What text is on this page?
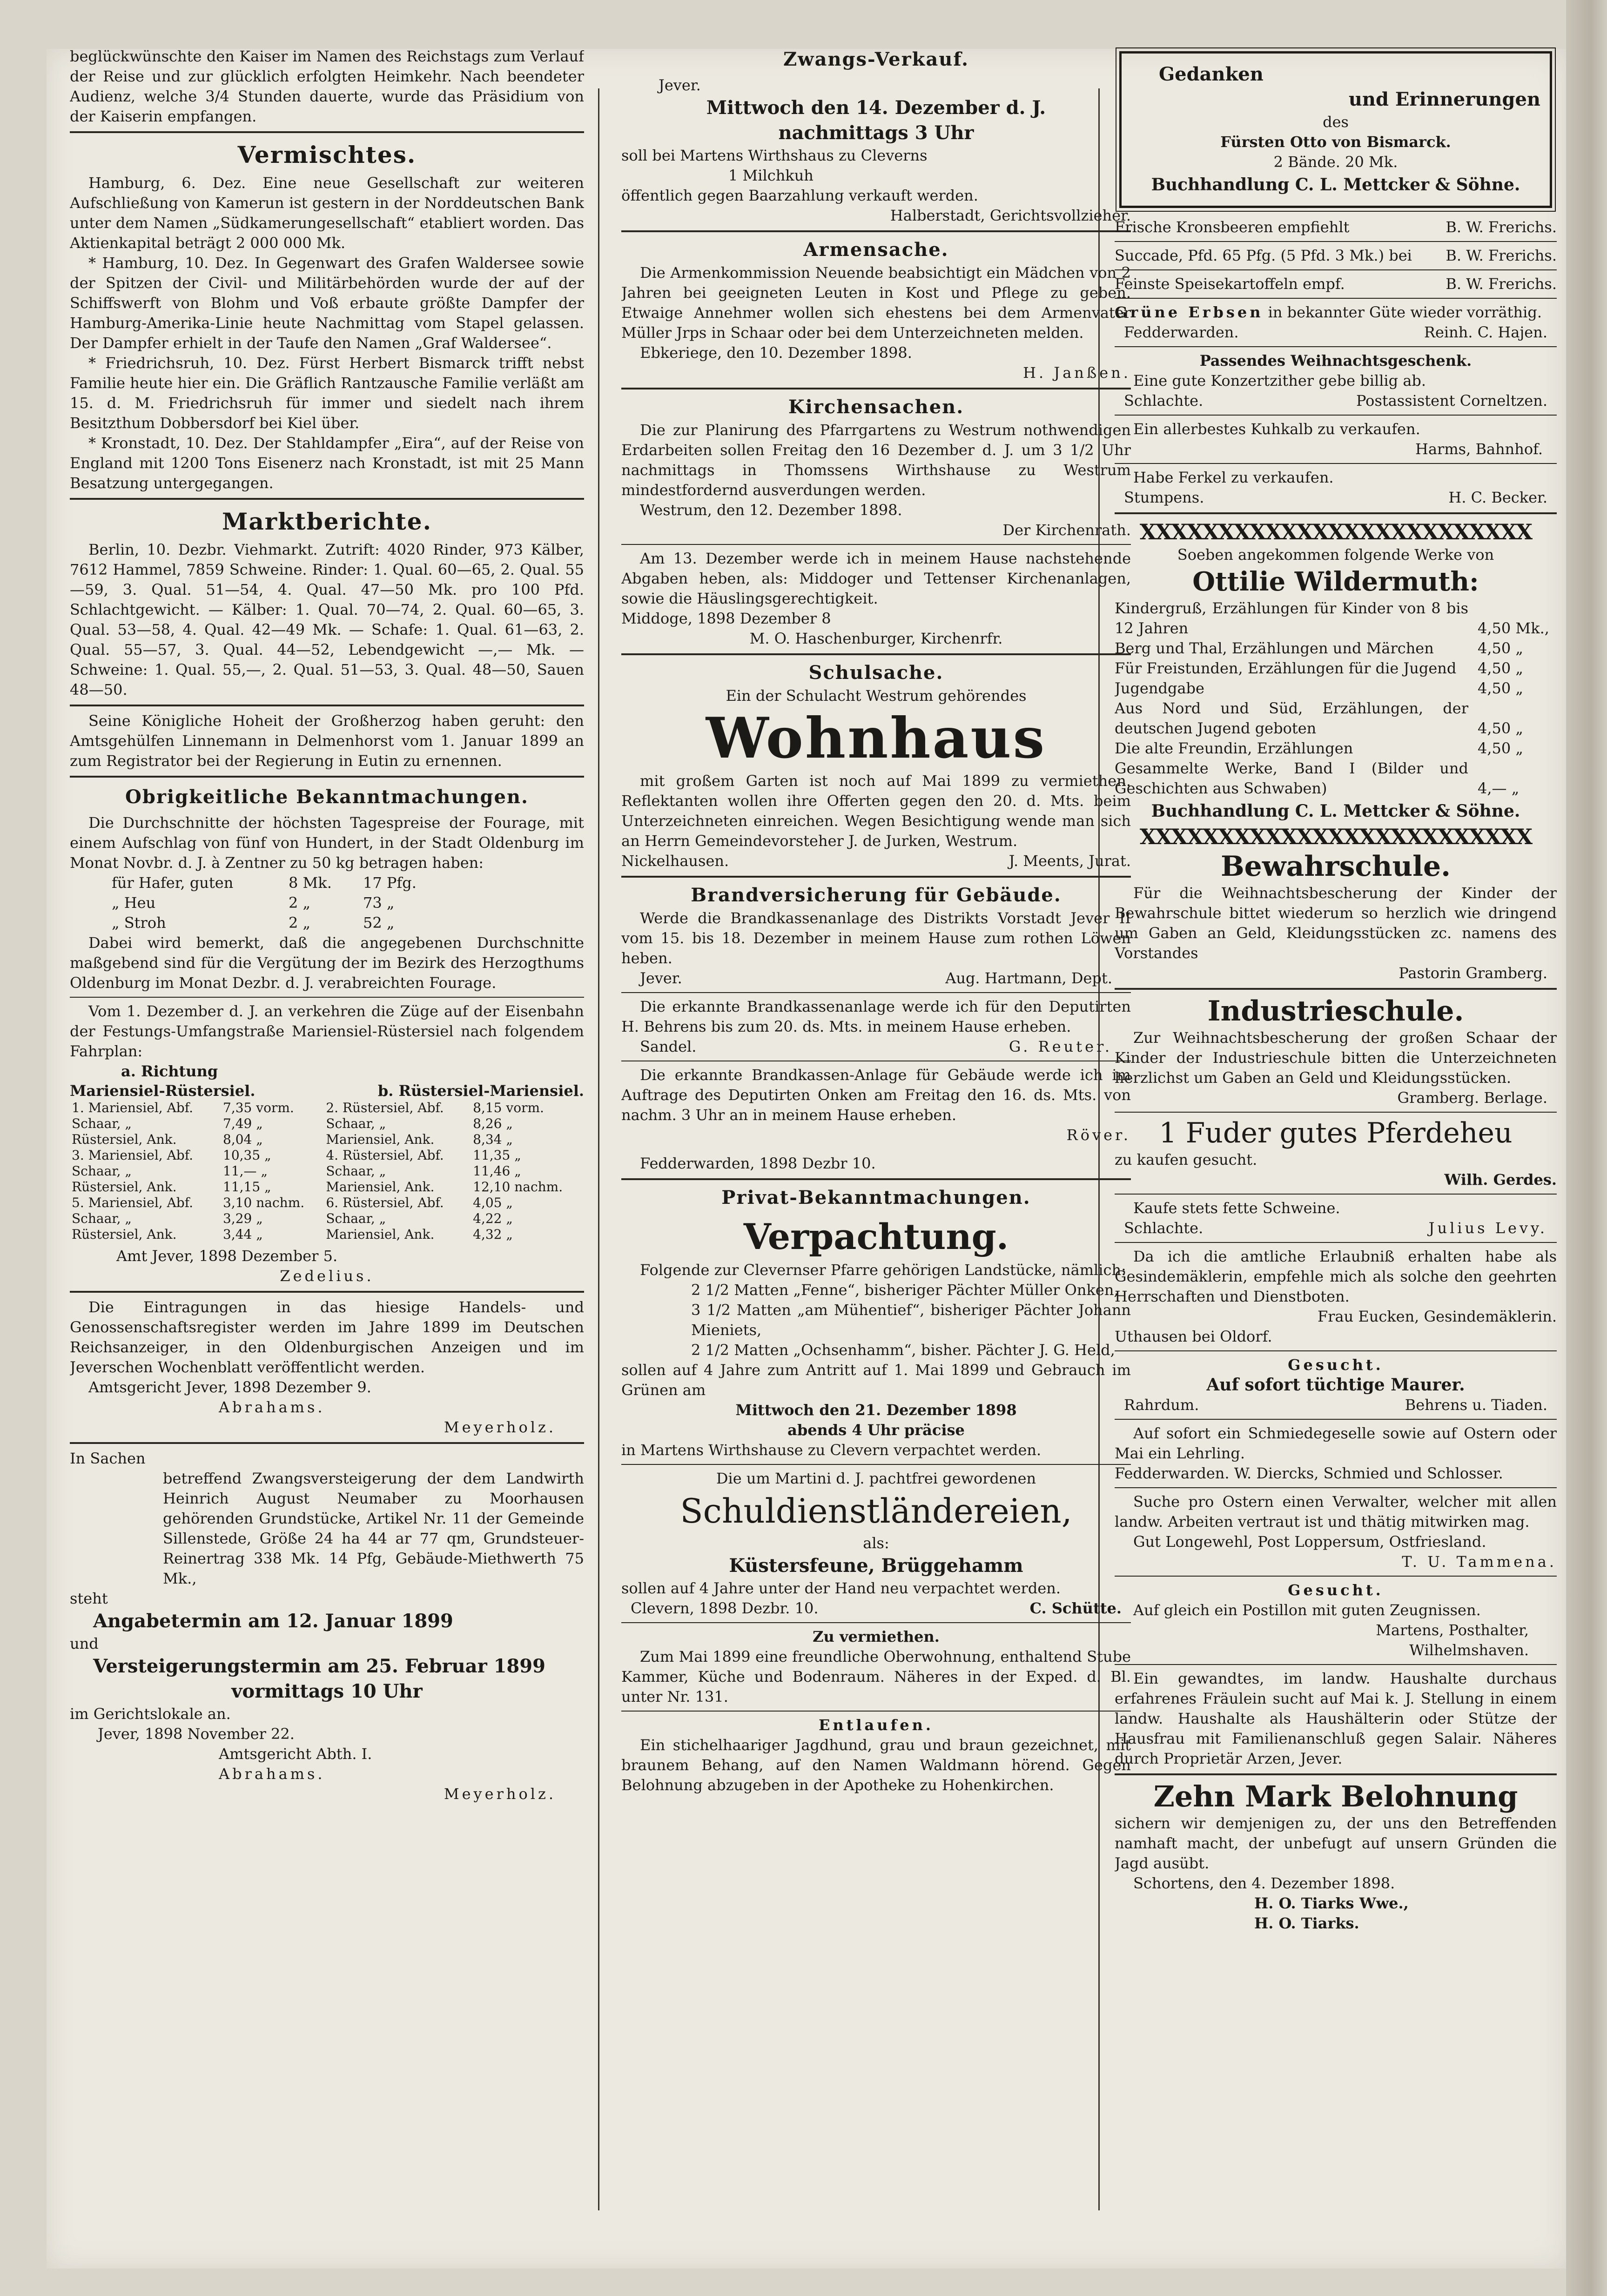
beglückwünschte den Kaiser im Namen des Reichstags zum Verlauf der Reise und zur glücklich erfolgten Heimkehr. Nach beendeter Audienz, welche 3/4 Stunden dauerte, wurde das Präsidium von der Kaiserin empfangen.

Vermischtes.

Hamburg, 6. Dez. Eine neue Gesellschaft zur weiteren Aufschließung von Kamerun ist gestern in der Norddeutschen Bank unter dem Namen „Südkamerungesellschaft“ etabliert worden. Das Aktienkapital beträgt 2 000 000 Mk.

* Hamburg, 10. Dez. In Gegenwart des Grafen Waldersee sowie der Spitzen der Civil- und Militärbehörden wurde der auf der Schiffswerft von Blohm und Voß erbaute größte Dampfer der Hamburg-Amerika-Linie heute Nachmittag vom Stapel gelassen. Der Dampfer erhielt in der Taufe den Namen „Graf Waldersee“.

* Friedrichsruh, 10. Dez. Fürst Herbert Bismarck trifft nebst Familie heute hier ein. Die Gräflich Rantzausche Familie verläßt am 15. d. M. Friedrichsruh für immer und siedelt nach ihrem Besitzthum Dobbersdorf bei Kiel über.

* Kronstadt, 10. Dez. Der Stahldampfer „Eira“, auf der Reise von England mit 1200 Tons Eisenerz nach Kronstadt, ist mit 25 Mann Besatzung untergegangen.

Marktberichte.

Berlin, 10. Dezbr. Viehmarkt. Zutrift: 4020 Rinder, 973 Kälber, 7612 Hammel, 7859 Schweine. Rinder: 1. Qual. 60—65, 2. Qual. 55—59, 3. Qual. 51—54, 4. Qual. 47—50 Mk. pro 100 Pfd. Schlachtgewicht. — Kälber: 1. Qual. 70—74, 2. Qual. 60—65, 3. Qual. 53—58, 4. Qual. 42—49 Mk. — Schafe: 1. Qual. 61—63, 2. Qual. 55—57, 3. Qual. 44—52, Lebendgewicht —,— Mk. — Schweine: 1. Qual. 55,—, 2. Qual. 51—53, 3. Qual. 48—50, Sauen 48—50.

Seine Königliche Hoheit der Großherzog haben geruht: den Amtsgehülfen Linnemann in Delmenhorst vom 1. Januar 1899 an zum Registrator bei der Regierung in Eutin zu ernennen.

Obrigkeitliche Bekanntmachungen.

Die Durchschnitte der höchsten Tagespreise der Fourage, mit einem Aufschlag von fünf von Hundert, in der Stadt Oldenburg im Monat Novbr. d. J. à Zentner zu 50 kg betragen haben:

für Hafer, guten	8 Mk.	17 Pfg.
„ Heu	2 „	73 „
„ Stroh	2 „	52 „

Dabei wird bemerkt, daß die angegebenen Durchschnitte maßgebend sind für die Vergütung der im Bezirk des Herzogthums Oldenburg im Monat Dezbr. d. J. verabreichten Fourage.

Vom 1. Dezember d. J. an verkehren die Züge auf der Eisenbahn der Festungs-Umfangstraße Mariensiel-Rüstersiel nach folgendem Fahrplan:

a. Richtung
Mariensiel-Rüstersiel.	b. Rüstersiel-Mariensiel.
1. Mariensiel, Abf.	7,35 vorm.	2. Rüstersiel, Abf.	8,15 vorm.
Schaar, „	7,49 „	Schaar, „	8,26 „
Rüstersiel, Ank.	8,04 „	Mariensiel, Ank.	8,34 „
3. Mariensiel, Abf.	10,35 „	4. Rüstersiel, Abf.	11,35 „
Schaar, „	11,— „	Schaar, „	11,46 „
Rüstersiel, Ank.	11,15 „	Mariensiel, Ank.	12,10 nachm.
5. Mariensiel, Abf.	3,10 nachm.	6. Rüstersiel, Abf.	4,05 „
Schaar, „	3,29 „	Schaar, „	4,22 „
Rüstersiel, Ank.	3,44 „	Mariensiel, Ank.	4,32 „

Amt Jever, 1898 Dezember 5.

Zedelius.

Die Eintragungen in das hiesige Handels- und Genossenschaftsregister werden im Jahre 1899 im Deutschen Reichsanzeiger, in den Oldenburgischen Anzeigen und im Jeverschen Wochenblatt veröffentlicht werden.

Amtsgericht Jever, 1898 Dezember 9.

Abrahams.

Meyerholz.

In Sachen

betreffend Zwangsversteigerung der dem Landwirth Heinrich August Neumaber zu Moorhausen gehörenden Grundstücke, Artikel Nr. 11 der Gemeinde Sillenstede, Größe 24 ha 44 ar 77 qm, Grundsteuer-Reinertrag 338 Mk. 14 Pfg, Gebäude-Miethwerth 75 Mk.,

steht

Angabetermin am 12. Januar 1899

und

Versteigerungstermin am 25. Februar 1899

vormittags 10 Uhr

im Gerichtslokale an.

Jever, 1898 November 22.

Amtsgericht Abth. I.

Abrahams.

Meyerholz.

Zwangs-Verkauf.

Jever.

Mittwoch den 14. Dezember d. J.

nachmittags 3 Uhr

soll bei Martens Wirthshaus zu Cleverns

1 Milchkuh

öffentlich gegen Baarzahlung verkauft werden.

Halberstadt, Gerichtsvollzieher.

Armensache.

Die Armenkommission Neuende beabsichtigt ein Mädchen von 2 Jahren bei geeigneten Leuten in Kost und Pflege zu geben. Etwaige Annehmer wollen sich ehestens bei dem Armenvater Müller Jrps in Schaar oder bei dem Unterzeichneten melden.

Ebkeriege, den 10. Dezember 1898.

H. Janßen.

Kirchensachen.

Die zur Planirung des Pfarrgartens zu Westrum nothwendigen Erdarbeiten sollen Freitag den 16 Dezember d. J. um 3 1/2 Uhr nachmittags in Thomssens Wirthshause zu Westrum mindestfordernd ausverdungen werden.

Westrum, den 12. Dezember 1898.

Der Kirchenrath.

Am 13. Dezember werde ich in meinem Hause nachstehende Abgaben heben, als: Middoger und Tettenser Kirchenanlagen, sowie die Häuslingsgerechtigkeit.

Middoge, 1898 Dezember 8

M. O. Haschenburger, Kirchenrfr.

Schulsache.

Ein der Schulacht Westrum gehörendes

Wohnhaus

mit großem Garten ist noch auf Mai 1899 zu vermiethen. Reflektanten wollen ihre Offerten gegen den 20. d. Mts. beim Unterzeichneten einreichen. Wegen Besichtigung wende man sich an Herrn Gemeindevorsteher J. de Jurken, Westrum.

Nickelhausen.	J. Meents, Jurat.
Brandversicherung für Gebäude.

Werde die Brandkassenanlage des Distrikts Vorstadt Jever II vom 15. bis 18. Dezember in meinem Hause zum rothen Löwen heben.

Jever.	Aug. Hartmann, Dept.

Die erkannte Brandkassenanlage werde ich für den Deputirten H. Behrens bis zum 20. ds. Mts. in meinem Hause erheben.

Sandel.	G. Reuter.

Die erkannte Brandkassen-Anlage für Gebäude werde ich im Auftrage des Deputirten Onken am Freitag den 16. ds. Mts. von nachm. 3 Uhr an in meinem Hause erheben.

Röver.

Fedderwarden, 1898 Dezbr 10.

Privat-Bekanntmachungen.
Verpachtung.

Folgende zur Clevernser Pfarre gehörigen Landstücke, nämlich:

2 1/2 Matten „Fenne“, bisheriger Pächter Müller Onken,

3 1/2 Matten „am Mühentief“, bisheriger Pächter Johann Mieniets,

2 1/2 Matten „Ochsenhamm“, bisher. Pächter J. G. Held,

sollen auf 4 Jahre zum Antritt auf 1. Mai 1899 und Gebrauch im Grünen am

Mittwoch den 21. Dezember 1898

abends 4 Uhr präcise

in Martens Wirthshause zu Clevern verpachtet werden.

Die um Martini d. J. pachtfrei gewordenen

Schuldienstländereien,

als:

Küstersfeune, Brüggehamm

sollen auf 4 Jahre unter der Hand neu verpachtet werden.

Clevern, 1898 Dezbr. 10.	C. Schütte.

Zu vermiethen.

Zum Mai 1899 eine freundliche Oberwohnung, enthaltend Stube Kammer, Küche und Bodenraum. Näheres in der Exped. d. Bl. unter Nr. 131.

Entlaufen.

Ein stichelhaariger Jagdhund, grau und braun gezeichnet, mit braunem Behang, auf den Namen Waldmann hörend. Gegen Belohnung abzugeben in der Apotheke zu Hohenkirchen.

Gedanken

und Erinnerungen

des

Fürsten Otto von Bismarck.

2 Bände. 20 Mk.

Buchhandlung C. L. Mettcker & Söhne.

Frische Kronsbeeren empfiehlt	B. W. Frerichs.
Succade, Pfd. 65 Pfg. (5 Pfd. 3 Mk.) bei B. W. Frerichs.
Feinste Speisekartoffeln empf.	B. W. Frerichs.

Grüne Erbsen in bekannter Güte wieder vorräthig.

Fedderwarden.	Reinh. C. Hajen.

Passendes Weihnachtsgeschenk.

Eine gute Konzertzither gebe billig ab.

Schlachte.	Postassistent Corneltzen.

Ein allerbestes Kuhkalb zu verkaufen.

Harms, Bahnhof.

Habe Ferkel zu verkaufen.

Stumpens.	H. C. Becker.
XXXXXXXXXXXXXXXXXXXXXXXXX

Soeben angekommen folgende Werke von

Ottilie Wildermuth:
Kindergruß, Erzählungen für Kinder von 8 bis 12 Jahren	4,50 Mk.,
Berg und Thal, Erzählungen und Märchen	4,50 „
Für Freistunden, Erzählungen für die Jugend	4,50 „
Jugendgabe	4,50 „
Aus Nord und Süd, Erzählungen, der deutschen Jugend geboten	4,50 „
Die alte Freundin, Erzählungen	4,50 „
Gesammelte Werke, Band I (Bilder und Geschichten aus Schwaben)	4,— „

Buchhandlung C. L. Mettcker & Söhne.

XXXXXXXXXXXXXXXXXXXXXXXXX
Bewahrschule.

Für die Weihnachtsbescherung der Kinder der Bewahrschule bittet wiederum so herzlich wie dringend um Gaben an Geld, Kleidungsstücken zc. namens des Vorstandes

Pastorin Gramberg.

Industrieschule.

Zur Weihnachtsbescherung der großen Schaar der Kinder der Industrieschule bitten die Unterzeichneten herzlichst um Gaben an Geld und Kleidungsstücken.

Gramberg. Berlage.

1 Fuder gutes Pferdeheu

zu kaufen gesucht.

Wilh. Gerdes.

Kaufe stets fette Schweine.

Schlachte.	Julius Levy.

Da ich die amtliche Erlaubniß erhalten habe als Gesindemäklerin, empfehle mich als solche den geehrten Herrschaften und Dienstboten.

Frau Eucken, Gesindemäklerin.

Uthausen bei Oldorf.

Gesucht.

Auf sofort tüchtige Maurer.

Rahrdum.	Behrens u. Tiaden.

Auf sofort ein Schmiedegeselle sowie auf Ostern oder Mai ein Lehrling.

Fedderwarden. W. Diercks, Schmied und Schlosser.

Suche pro Ostern einen Verwalter, welcher mit allen landw. Arbeiten vertraut ist und thätig mitwirken mag.

Gut Longewehl, Post Loppersum, Ostfriesland.

T. U. Tammena.

Gesucht.

Auf gleich ein Postillon mit guten Zeugnissen.

Martens, Posthalter,

Wilhelmshaven.

Ein gewandtes, im landw. Haushalte durchaus erfahrenes Fräulein sucht auf Mai k. J. Stellung in einem landw. Haushalte als Haushälterin oder Stütze der Hausfrau mit Familienanschluß gegen Salair. Näheres durch Proprietär Arzen, Jever.

Zehn Mark Belohnung

sichern wir demjenigen zu, der uns den Betreffenden namhaft macht, der unbefugt auf unsern Gründen die Jagd ausübt.

Schortens, den 4. Dezember 1898.

H. O. Tiarks Wwe.,

H. O. Tiarks.
